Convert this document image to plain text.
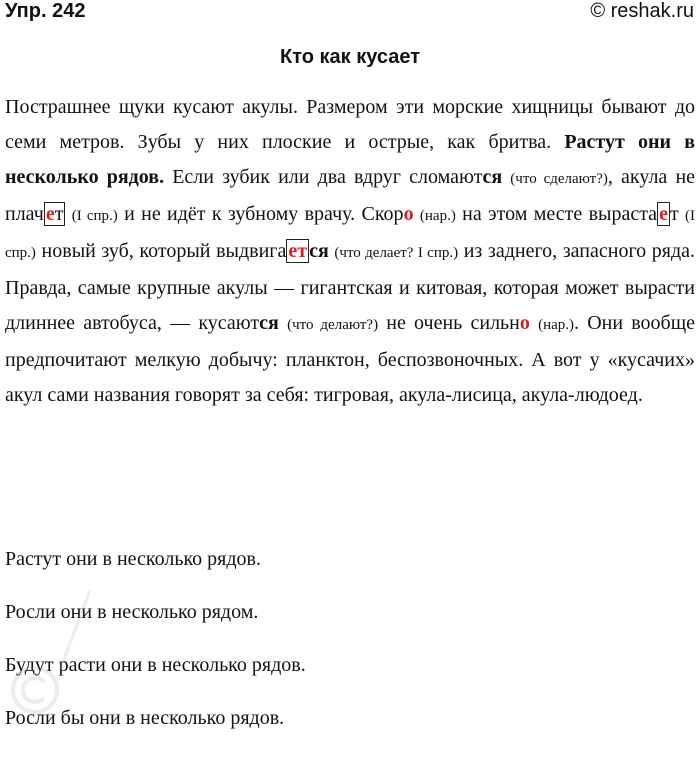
Упр. 242	© reshak.ru
Кто как кусает

Пострашнее щуки кусают акулы. Размером эти морские хищницы бывают до семи метров. Зубы у них плоские и острые, как бритва. Растут они в несколько рядов. Если зубик или два вдруг сломаются (что сделают?), акула не плач ет (I спр.) и не идёт к зубному врачу. Скоро (нар.) на этом месте выраста е т (I спр.) новый зуб, который выдвига ет ся (что делает? I спр.) из заднего, запасного ряда. Правда, самые крупные акулы — гигантская и китовая, которая может вырасти длиннее автобуса, — кусаются (что делают?) не очень сильно (нар.). Они вообще предпочитают мелкую добычу: планктон, беспозвоночных. А вот у «кусачих» акул сами названия говорят за себя: тигровая, акула-лисица, акула-людоед.

Растут они в несколько рядов.
Росли они в несколько рядом.
Будут расти они в несколько рядов.
Росли бы они в несколько рядов.
